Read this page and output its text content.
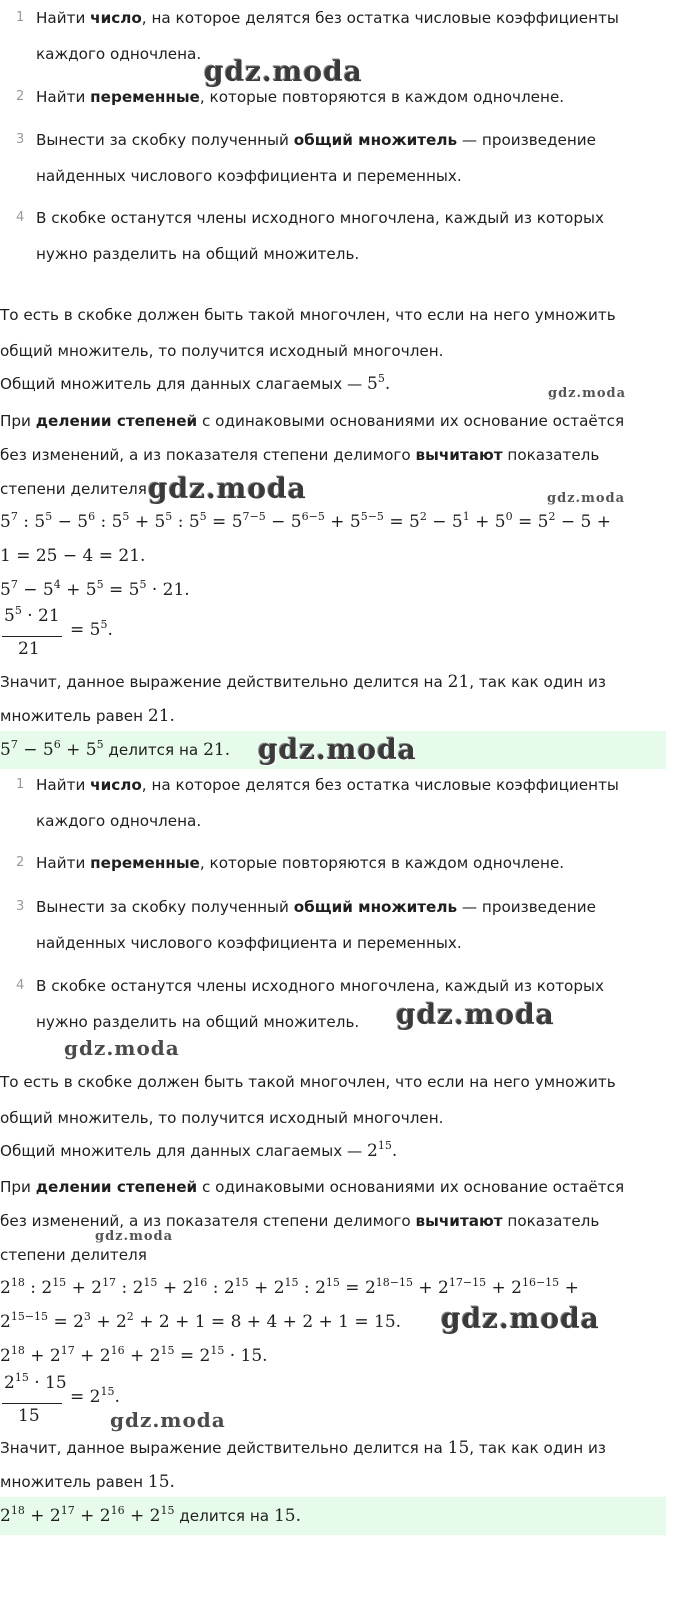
1 Найти число, на которое делятся без остатка числовые коэффициенты
каждого одночлена.
2 Найти переменные, которые повторяются в каждом одночлене.
3 Вынести за скобку полученный общий множитель — произведение
найденных числового коэффициента и переменных.
4 В скобке останутся члены исходного многочлена, каждый из которых
нужно разделить на общий множитель.
То есть в скобке должен быть такой многочлен, что если на него умножить
общий множитель, то получится исходный многочлен.
Общий множитель для данных слагаемых — $5^5$.
При делении степеней с одинаковыми основаниями их основание остаётся
без изменений, а из показателя степени делимого вычитают показатель
степени делителя
$5^7$ : $5^5 - 5^6$ : $5^5 + 5^5$ : $5^5 = 5^{7-5} - 5^{6-5} + 5^{5-5} = 5^2 - 5^1 + 5^0 = 5^2 - 5$ +
1 = 25 − 4 = 21.
$5^7 - 5^4 + 5^5 = 5^5 \cdot 21$.
$5^5 \cdot 21$
21
= $5^5$.
Значит, данное выражение действительно делится на 21, так как один из
множитель равен 21.
$5^7 - 5^6 + 5^5$ делится на 21.
1 Найти число, на которое делятся без остатка числовые коэффициенты
каждого одночлена.
2 Найти переменные, которые повторяются в каждом одночлене.
3 Вынести за скобку полученный общий множитель — произведение
найденных числового коэффициента и переменных.
4 В скобке останутся члены исходного многочлена, каждый из которых
нужно разделить на общий множитель.
То есть в скобке должен быть такой многочлен, что если на него умножить
общий множитель, то получится исходный многочлен.
Общий множитель для данных слагаемых — $2^{15}$.
При делении степеней с одинаковыми основаниями их основание остаётся
без изменений, а из показателя степени делимого вычитают показатель
степени делителя
$2^{18}$ : $2^{15} + 2^{17}$ : $2^{15} + 2^{16}$ : $2^{15} + 2^{15}$ : $2^{15} = 2^{18-15} + 2^{17-15} + 2^{16-15}$ +
$2^{15-15} = 2^3 + 2^2 + 2 + 1 = 8 + 4 + 2 + 1 = 15$.
$2^{18} + 2^{17} + 2^{16} + 2^{15} = 2^{15} \cdot 15$.
$2^{15} \cdot 15$
15
= $2^{15}$.
Значит, данное выражение действительно делится на 15, так как один из
множитель равен 15.
$2^{18} + 2^{17} + 2^{16} + 2^{15}$ делится на 15.
gdz.moda
gdz.moda
gdz.moda	gdz.moda
gdz.moda
gdz.moda
gdz.moda
gdz.moda
gdz.moda
gdz.moda
